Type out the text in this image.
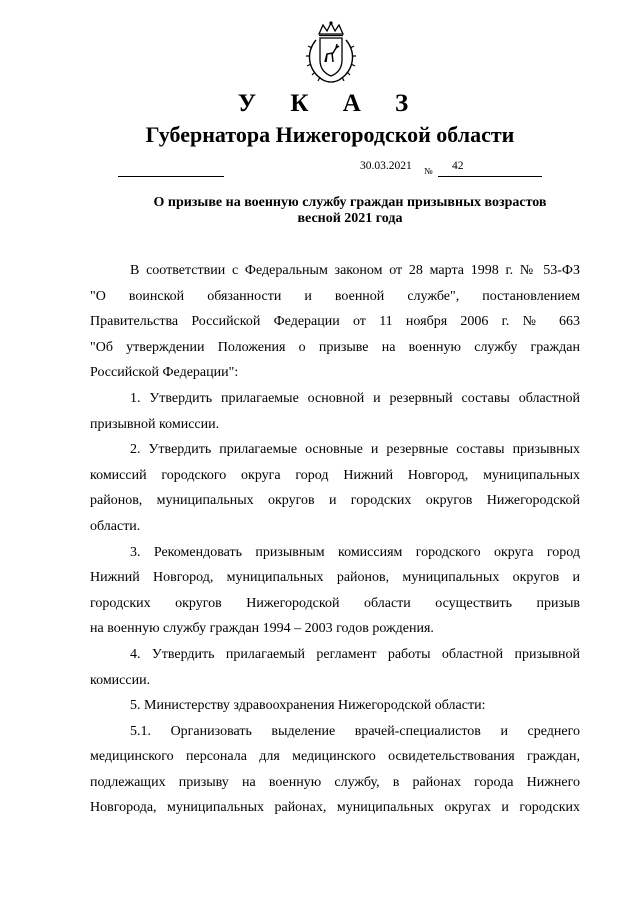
У К А З
Губернатора Нижегородской области
30.03.2021 № 42
О призыве на военную службу граждан призывных возрастов
весной 2021 года

В соответствии с Федеральным законом от 28 марта 1998 г. № 53-ФЗ

"О воинской обязанности и военной службе", постановлением

Правительства Российской Федерации от 11 ноября 2006 г. № 663

"Об утверждении Положения о призыве на военную службу граждан

Российской Федерации":

1. Утвердить прилагаемые основной и резервный составы областной

призывной комиссии.

2. Утвердить прилагаемые основные и резервные составы призывных

комиссий городского округа город Нижний Новгород, муниципальных

районов, муниципальных округов и городских округов Нижегородской

области.

3. Рекомендовать призывным комиссиям городского округа город

Нижний Новгород, муниципальных районов, муниципальных округов и

городских округов Нижегородской области осуществить призыв

на военную службу граждан 1994 – 2003 годов рождения.

4. Утвердить прилагаемый регламент работы областной призывной

комиссии.

5. Министерству здравоохранения Нижегородской области:

5.1. Организовать выделение врачей-специалистов и среднего

медицинского персонала для медицинского освидетельствования граждан,

подлежащих призыву на военную службу, в районах города Нижнего

Новгорода, муниципальных районах, муниципальных округах и городских
